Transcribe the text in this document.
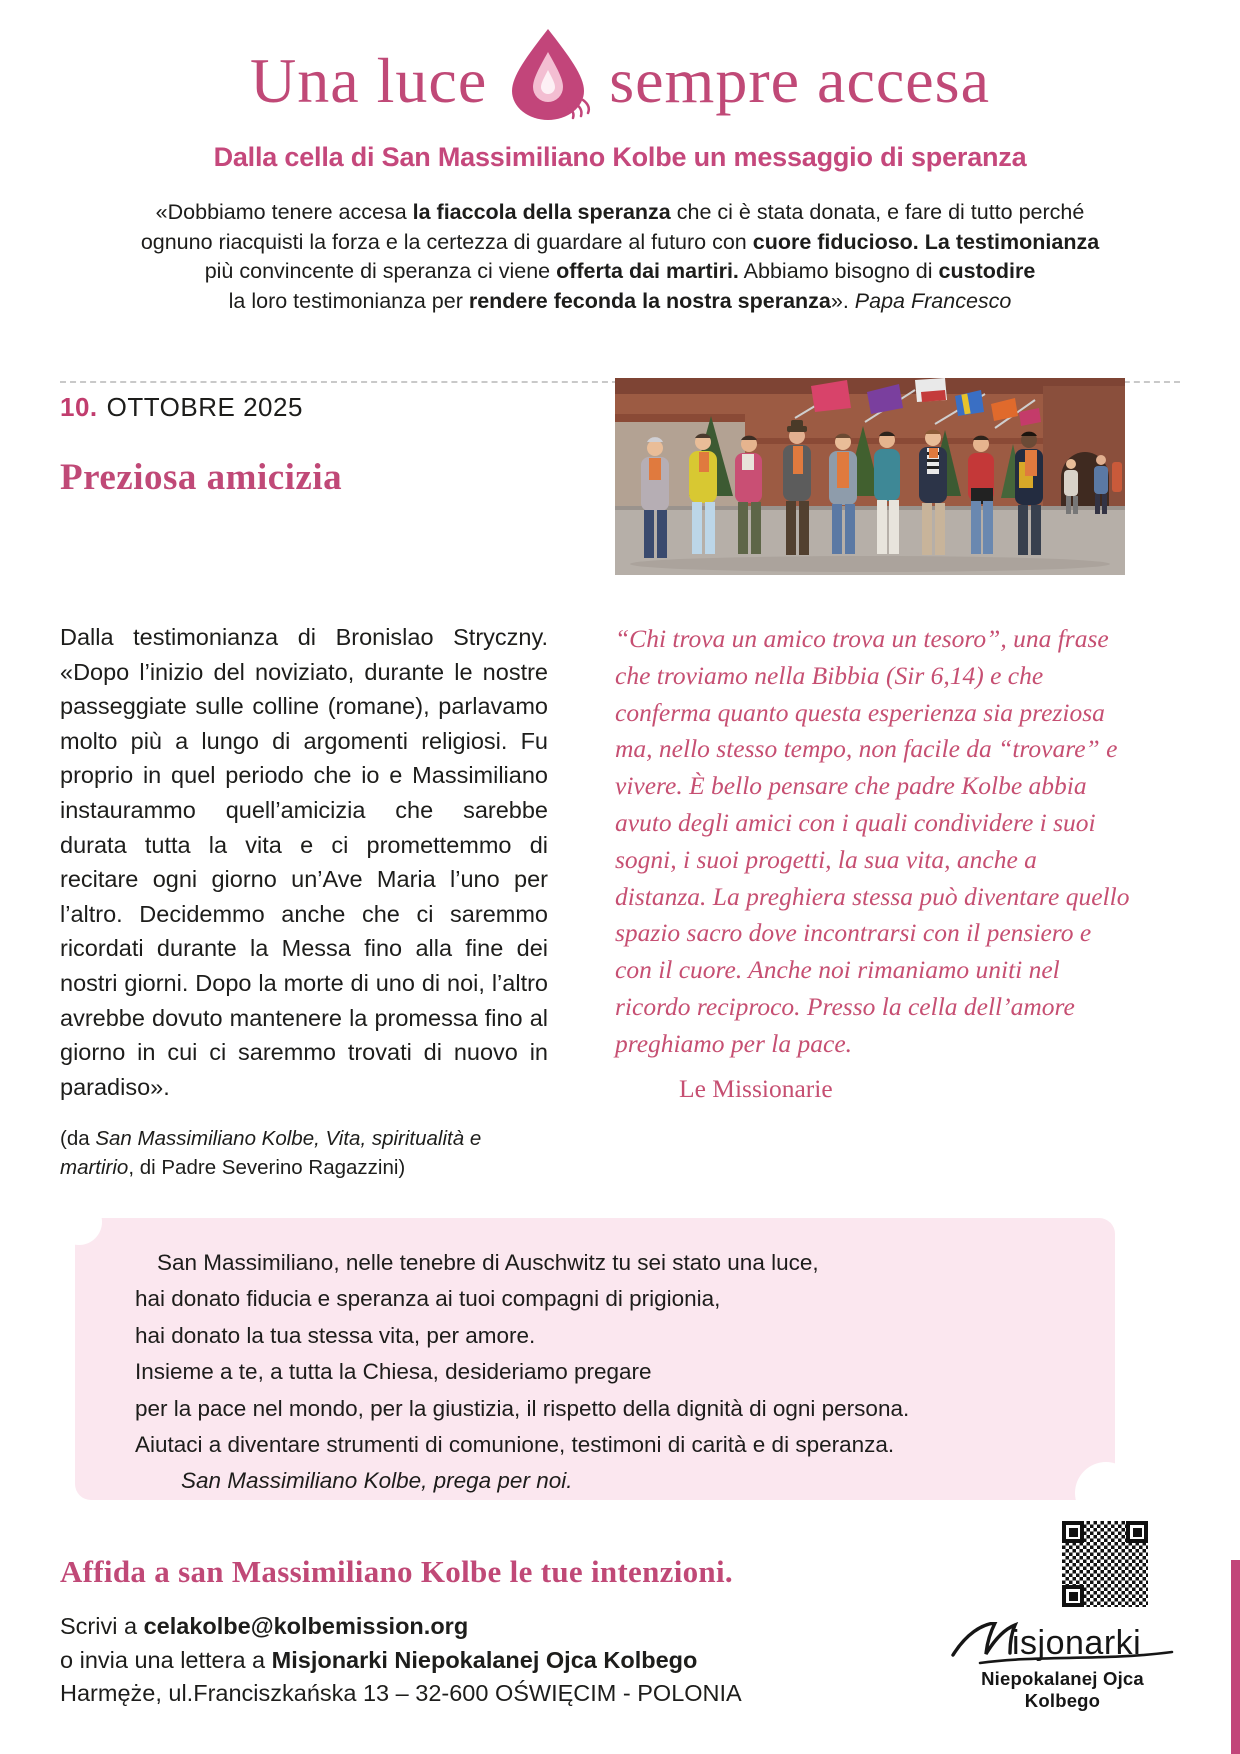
Una luce sempre accesa
Dalla cella di San Massimiliano Kolbe un messaggio di speranza
«Dobbiamo tenere accesa la fiaccola della speranza che ci è stata donata, e fare di tutto perché
ognuno riacquisti la forza e la certezza di guardare al futuro con cuore fiducioso. La testimonianza
più convincente di speranza ci viene offerta dai martiri. Abbiamo bisogno di custodire
la loro testimonianza per rendere feconda la nostra speranza». Papa Francesco
10. OTTOBRE 2025
Preziosa amicizia
Dalla testimonianza di Bronislao Stryczny. «Dopo l’inizio del noviziato, durante le nostre passeggiate sulle colline (romane), parlavamo molto più a lungo di argomenti religiosi. Fu proprio in quel periodo che io e Massimiliano instaurammo quell’amicizia che sarebbe durata tutta la vita e ci promettemmo di recitare ogni giorno un’Ave Maria l’uno per l’altro. Decidemmo anche che ci saremmo ricordati durante la Messa fino alla fine dei nostri giorni. Dopo la morte di uno di noi, l’altro avrebbe dovuto mantenere la promessa fino al giorno in cui ci saremmo trovati di nuovo in paradiso».
(da San Massimiliano Kolbe, Vita, spiritualità e martirio, di Padre Severino Ragazzini)
“Chi trova un amico trova un tesoro”, una frase che troviamo nella Bibbia (Sir 6,14) e che conferma quanto questa esperienza sia preziosa ma, nello stesso tempo, non facile da “trovare” e vivere. È bello pensare che padre Kolbe abbia avuto degli amici con i quali condividere i suoi sogni, i suoi progetti, la sua vita, anche a distanza. La preghiera stessa può diventare quello spazio sacro dove incontrarsi con il pensiero e con il cuore. Anche noi rimaniamo uniti nel ricordo reciproco. Presso la cella dell’amore preghiamo per la pace.
Le Missionarie
San Massimiliano, nelle tenebre di Auschwitz tu sei stato una luce,
hai donato fiducia e speranza ai tuoi compagni di prigionia,
hai donato la tua stessa vita, per amore.
Insieme a te, a tutta la Chiesa, desideriamo pregare
per la pace nel mondo, per la giustizia, il rispetto della dignità di ogni persona.
Aiutaci a diventare strumenti di comunione, testimoni di carità e di speranza.
San Massimiliano Kolbe, prega per noi.
Affida a san Massimiliano Kolbe le tue intenzioni.
Scrivi a celakolbe@kolbemission.org
o invia una lettera a Misjonarki Niepokalanej Ojca Kolbego
Harmęże, ul.Franciszkańska 13 – 32-600 OŚWIĘCIM - POLONIA
isjonarki
Niepokalanej Ojca Kolbego
